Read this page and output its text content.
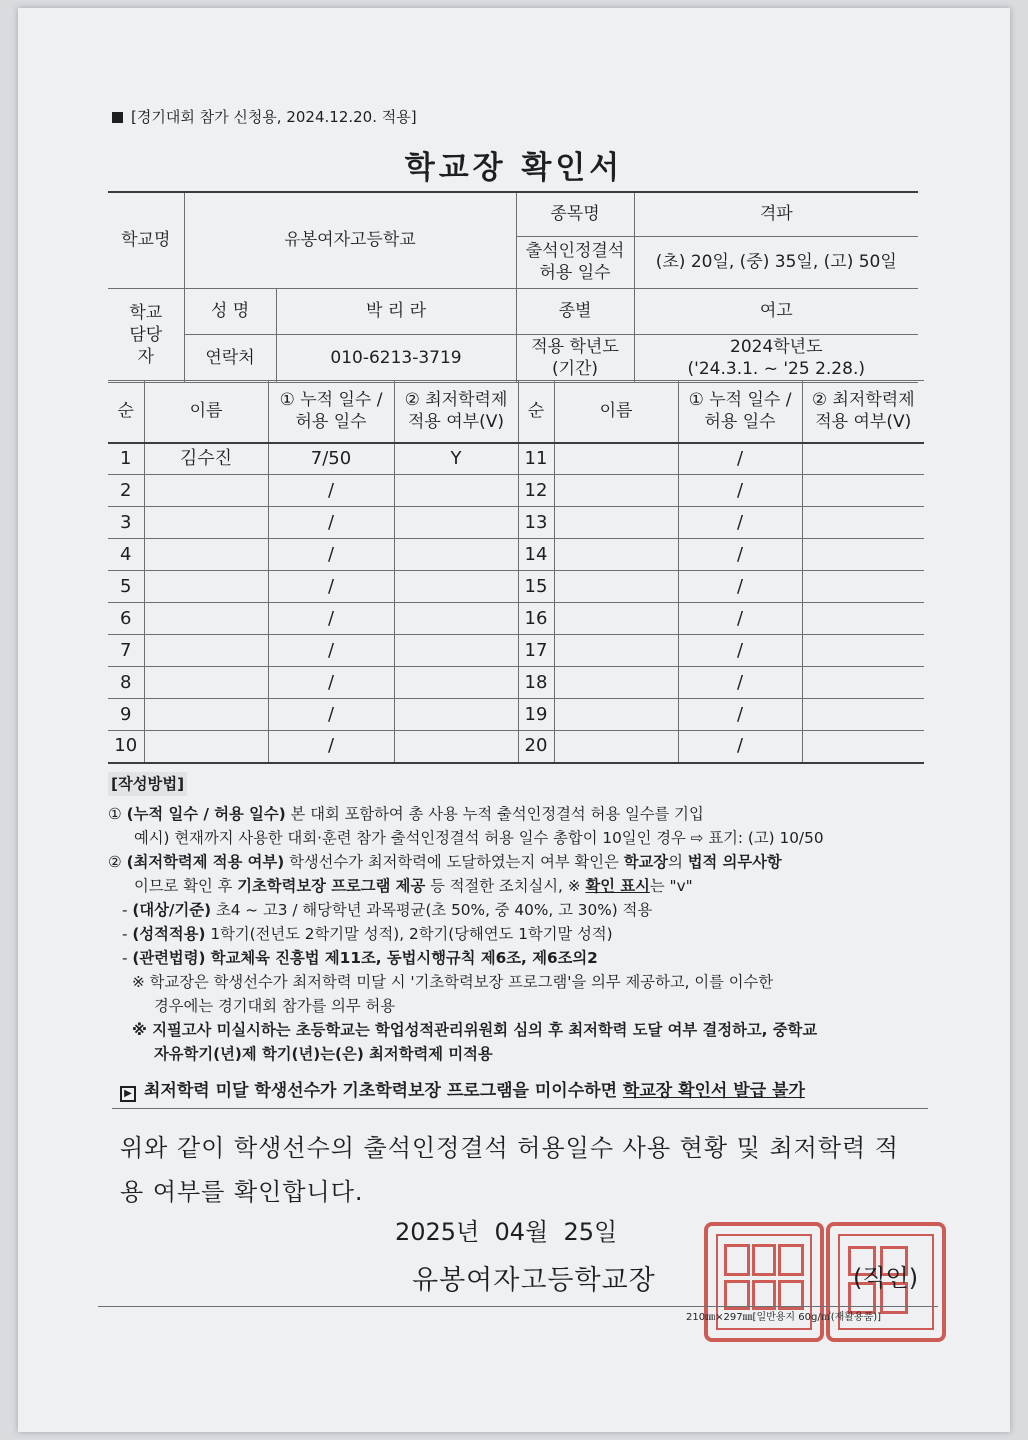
[경기대회 참가 신청용, 2024.12.20. 적용]
학교장 확인서
학교명	유봉여자고등학교		종목명	격파
			출석인정결석 허용 일수	(초) 20일, (중) 35일, (고) 50일
학교 담당자	성 명	박 리 라	종별	여고
	연락처	010-6213-3719	적용 학년도 (기간)	2024학년도
('24.3.1. ~ '25 2.28.)
순	이름	① 누적 일수 / 허용 일수	② 최저학력제 적용 여부(V)	순	이름	① 누적 일수 / 허용 일수	② 최저학력제 적용 여부(V)
1	김수진	7/50	Y	11		/	
2		/		12		/	
3		/		13		/	
4		/		14		/	
5		/		15		/	
6		/		16		/	
7		/		17		/	
8		/		18		/	
9		/		19		/	
10		/		20		/	
[작성방법]
① (누적 일수 / 허용 일수) 본 대회 포함하여 총 사용 누적 출석인정결석 허용 일수를 기입
예시) 현재까지 사용한 대회·훈련 참가 출석인정결석 허용 일수 총합이 10일인 경우 ⇨ 표기: (고) 10/50
② (최저학력제 적용 여부) 학생선수가 최저학력에 도달하였는지 여부 확인은 학교장의 법적 의무사항
이므로 확인 후 기초학력보장 프로그램 제공 등 적절한 조치실시, ※ 확인 표시는 "v"
- (대상/기준) 초4 ~ 고3 / 해당학년 과목평균(초 50%, 중 40%, 고 30%) 적용
- (성적적용) 1학기(전년도 2학기말 성적), 2학기(당해연도 1학기말 성적)
- (관련법령) 학교체육 진흥법 제11조, 동법시행규칙 제6조, 제6조의2
※ 학교장은 학생선수가 최저학력 미달 시 '기초학력보장 프로그램'을 의무 제공하고, 이를 이수한
경우에는 경기대회 참가를 의무 허용
※ 지필고사 미실시하는 초등학교는 학업성적관리위원회 심의 후 최저학력 도달 여부 결정하고, 중학교
자유학기(년)제 학기(년)는(은) 최저학력제 미적용
▶ 최저학력 미달 학생선수가 기초학력보장 프로그램을 미이수하면 학교장 확인서 발급 불가
위와 같이 학생선수의 출석인정결석 허용일수 사용 현황 및 최저학력 적용 여부를 확인합니다.
2025년  04월  25일
유봉여자고등학교장	(직인)
210㎜×297㎜[일반용지 60g/㎡(재활용품)]
